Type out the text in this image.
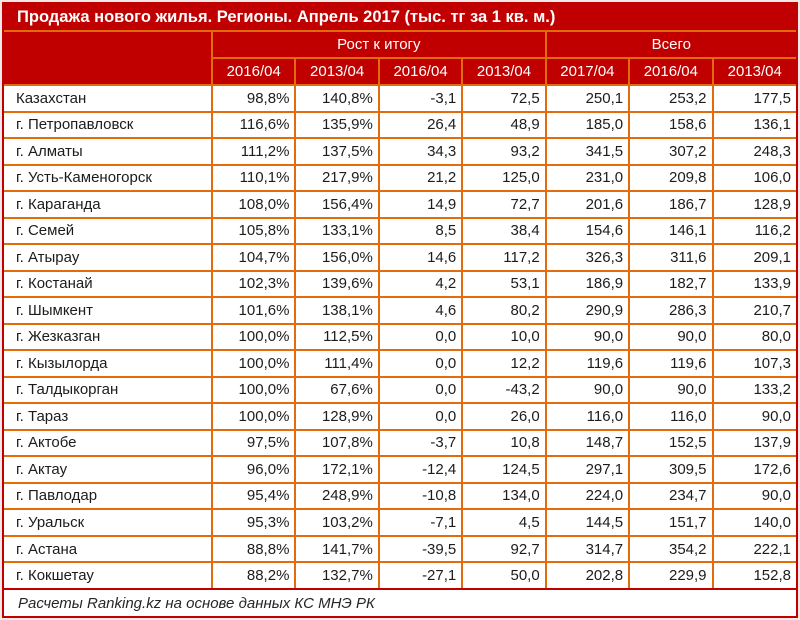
Продажа нового жилья. Регионы. Апрель 2017 (тыс. тг за 1 кв. м.)
	Рост к итогу				Всего		
	2016/04	2013/04	2016/04	2013/04	2017/04	2016/04	2013/04
Казахстан	98,8%	140,8%	-3,1	72,5	250,1	253,2	177,5
г. Петропавловск	116,6%	135,9%	26,4	48,9	185,0	158,6	136,1
г. Алматы	111,2%	137,5%	34,3	93,2	341,5	307,2	248,3
г. Усть-Каменогорск	110,1%	217,9%	21,2	125,0	231,0	209,8	106,0
г. Караганда	108,0%	156,4%	14,9	72,7	201,6	186,7	128,9
г. Семей	105,8%	133,1%	8,5	38,4	154,6	146,1	116,2
г. Атырау	104,7%	156,0%	14,6	117,2	326,3	311,6	209,1
г. Костанай	102,3%	139,6%	4,2	53,1	186,9	182,7	133,9
г. Шымкент	101,6%	138,1%	4,6	80,2	290,9	286,3	210,7
г. Жезказган	100,0%	112,5%	0,0	10,0	90,0	90,0	80,0
г. Кызылорда	100,0%	111,4%	0,0	12,2	119,6	119,6	107,3
г. Талдыкорган	100,0%	67,6%	0,0	-43,2	90,0	90,0	133,2
г. Тараз	100,0%	128,9%	0,0	26,0	116,0	116,0	90,0
г. Актобе	97,5%	107,8%	-3,7	10,8	148,7	152,5	137,9
г. Актау	96,0%	172,1%	-12,4	124,5	297,1	309,5	172,6
г. Павлодар	95,4%	248,9%	-10,8	134,0	224,0	234,7	90,0
г. Уральск	95,3%	103,2%	-7,1	4,5	144,5	151,7	140,0
г. Астана	88,8%	141,7%	-39,5	92,7	314,7	354,2	222,1
г. Кокшетау	88,2%	132,7%	-27,1	50,0	202,8	229,9	152,8
Расчеты Ranking.kz на основе данных КС МНЭ РК							
